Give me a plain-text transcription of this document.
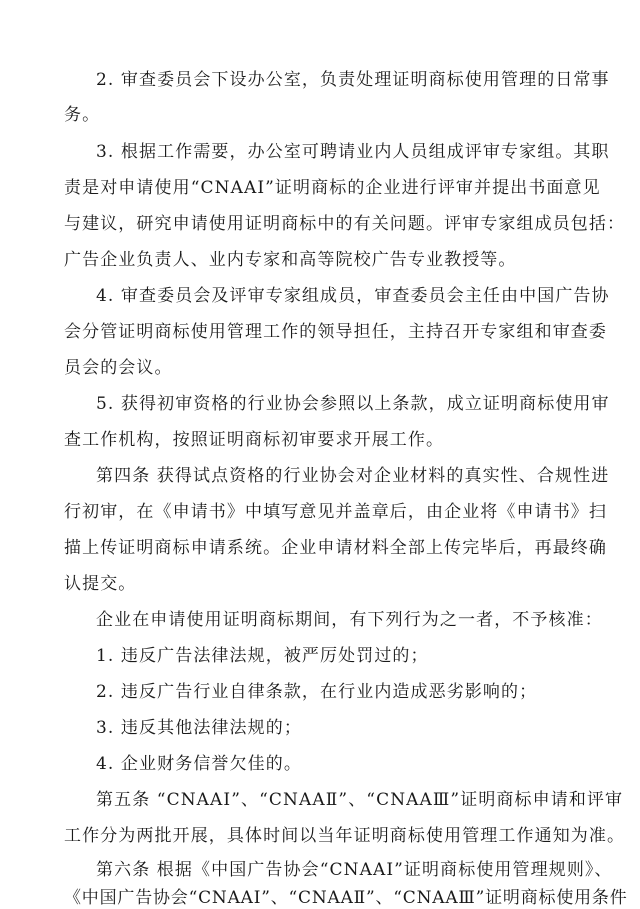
2. 审查委员会下设办公室，负责处理证明商标使用管理的日常事
务。
3. 根据工作需要，办公室可聘请业内人员组成评审专家组。其职
责是对申请使用“CNAAⅠ”证明商标的企业进行评审并提出书面意见
与建议，研究申请使用证明商标中的有关问题。评审专家组成员包括：
广告企业负责人、业内专家和高等院校广告专业教授等。
4. 审查委员会及评审专家组成员，审查委员会主任由中国广告协
会分管证明商标使用管理工作的领导担任，主持召开专家组和审查委
员会的会议。
5. 获得初审资格的行业协会参照以上条款，成立证明商标使用审
查工作机构，按照证明商标初审要求开展工作。
第四条 获得试点资格的行业协会对企业材料的真实性、合规性进
行初审，在《申请书》中填写意见并盖章后，由企业将《申请书》扫
描上传证明商标申请系统。企业申请材料全部上传完毕后，再最终确
认提交。
企业在申请使用证明商标期间，有下列行为之一者，不予核准：
1. 违反广告法律法规，被严厉处罚过的；
2. 违反广告行业自律条款，在行业内造成恶劣影响的；
3. 违反其他法律法规的；
4. 企业财务信誉欠佳的。
第五条 “CNAAⅠ”、“CNAAⅡ”、“CNAAⅢ”证明商标申请和评审
工作分为两批开展，具体时间以当年证明商标使用管理工作通知为准。
第六条 根据《中国广告协会“CNAAⅠ”证明商标使用管理规则》、
《中国广告协会“CNAAⅠ”、“CNAAⅡ”、“CNAAⅢ”证明商标使用条件
